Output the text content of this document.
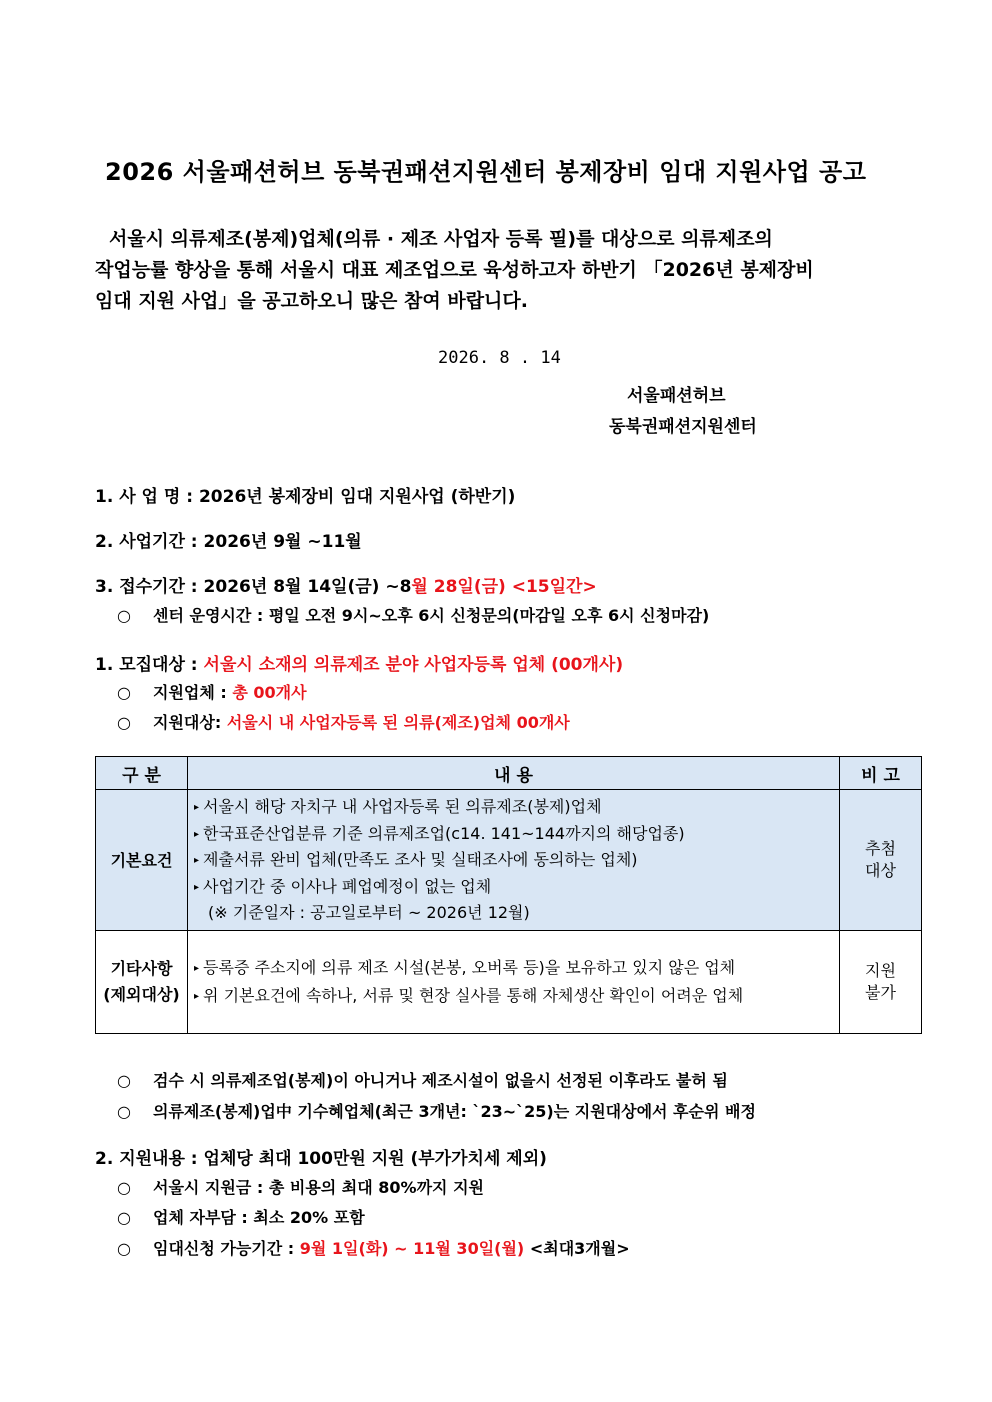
2026 서울패션허브 동북권패션지원센터 봉제장비 임대 지원사업 공고
서울시 의류제조(봉제)업체(의류 · 제조 사업자 등록 필)를 대상으로 의류제조의
작업능률 향상을 통해 서울시 대표 제조업으로 육성하고자 하반기 「2026년 봉제장비
임대 지원 사업」을 공고하오니 많은 참여 바랍니다.
2026. 8 . 14
서울패션허브
동북권패션지원센터
1. 사 업 명 : 2026년 봉제장비 임대 지원사업 (하반기)
2. 사업기간 : 2026년 9월 ~11월
3. 접수기간 : 2026년 8월 14일(금) ~8월 28일(금) <15일간>
○ 센터 운영시간 : 평일 오전 9시~오후 6시 신청문의(마감일 오후 6시 신청마감)
1. 모집대상 : 서울시 소재의 의류제조 분야 사업자등록 업체 (00개사)
○ 지원업체 : 총 00개사
○ 지원대상: 서울시 내 사업자등록 된 의류(제조)업체 00개사
구 분	내 용	비 고
기본요건	▸ 서울시 해당 자치구 내 사업자등록 된 의류제조(봉제)업체
▸ 한국표준산업분류 기준 의류제조업(c14. 141~144까지의 해당업종)
▸ 제출서류 완비 업체(만족도 조사 및 실태조사에 동의하는 업체)
▸ 사업기간 중 이사나 폐업예정이 없는 업체
(※ 기준일자 : 공고일로부터 ~ 2026년 12월)	추첨
대상
기타사항
(제외대상)	▸ 등록증 주소지에 의류 제조 시설(본봉, 오버록 등)을 보유하고 있지 않은 업체
▸ 위 기본요건에 속하나, 서류 및 현장 실사를 통해 자체생산 확인이 어려운 업체	지원
불가
○ 검수 시 의류제조업(봉제)이 아니거나 제조시설이 없을시 선정된 이후라도 불허 됨
○ 의류제조(봉제)업中 기수혜업체(최근 3개년: `23~`25)는 지원대상에서 후순위 배정
2. 지원내용 : 업체당 최대 100만원 지원 (부가가치세 제외)
○ 서울시 지원금 : 총 비용의 최대 80%까지 지원
○ 업체 자부담 : 최소 20% 포함
○ 임대신청 가능기간 : 9월 1일(화) ~ 11월 30일(월) <최대3개월>
